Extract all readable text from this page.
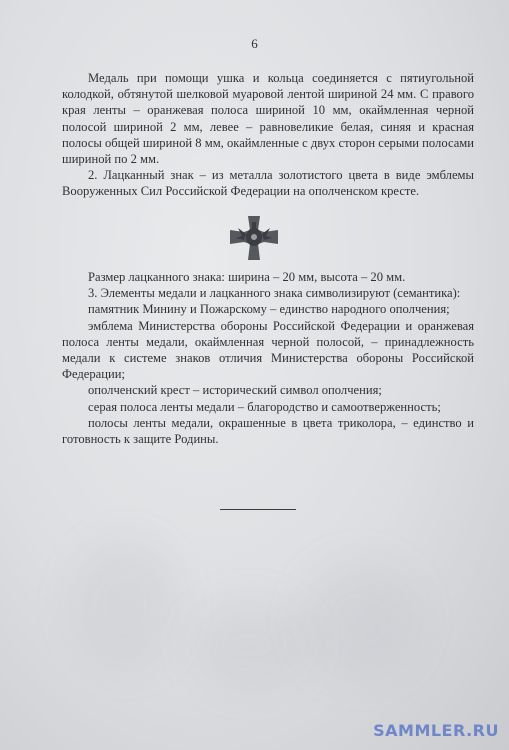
6

Медаль при помощи ушка и кольца соединяется с пятиугольной колодкой, обтянутой шелковой муаровой лентой шириной 24 мм. С правого края ленты – оранжевая полоса шириной 10 мм, окаймленная черной полосой шириной 2 мм, левее – равновеликие белая, синяя и красная полосы общей шириной 8 мм, окаймленные с двух сторон серыми полосами шириной по 2 мм.

2. Лацканный знак – из металла золотистого цвета в виде эмблемы Вооруженных Сил Российской Федерации на ополченском кресте.

Размер лацканного знака: ширина – 20 мм, высота – 20 мм.

3. Элементы медали и лацканного знака символизируют (семантика):

памятник Минину и Пожарскому – единство народного ополчения;

эмблема Министерства обороны Российской Федерации и оранжевая полоса ленты медали, окаймленная черной полосой, – принадлежность медали к системе знаков отличия Министерства обороны Российской Федерации;

ополченский крест – исторический символ ополчения;

серая полоса ленты медали – благородство и самоотверженность;

полосы ленты медали, окрашенные в цвета триколора, – единство и готовность к защите Родины.

SAMMLER.RU
